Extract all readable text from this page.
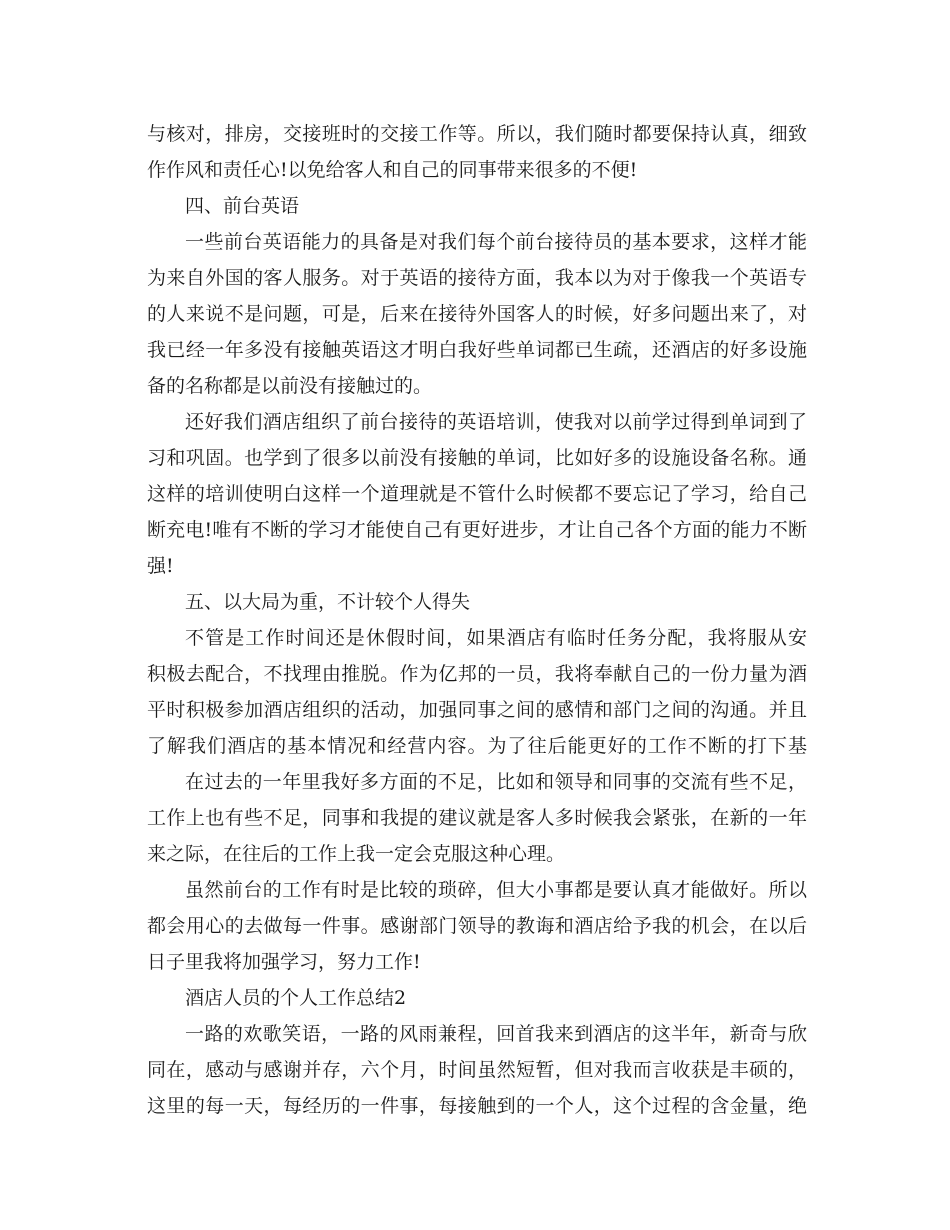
与核对，排房，交接班时的交接工作等。所以，我们随时都要保持认真，细致

作作风和责任心!以免给客人和自己的同事带来很多的不便!

四、前台英语

一些前台英语能力的具备是对我们每个前台接待员的基本要求，这样才能

为来自外国的客人服务。对于英语的接待方面，我本以为对于像我一个英语专

的人来说不是问题，可是，后来在接待外国客人的时候，好多问题出来了，对

我已经一年多没有接触英语这才明白我好些单词都已生疏，还酒店的好多设施

备的名称都是以前没有接触过的。

还好我们酒店组织了前台接待的英语培训，使我对以前学过得到单词到了

习和巩固。也学到了很多以前没有接触的单词，比如好多的设施设备名称。通

这样的培训使明白这样一个道理就是不管什么时候都不要忘记了学习，给自己

断充电!唯有不断的学习才能使自己有更好进步，才让自己各个方面的能力不断

强!

五、以大局为重，不计较个人得失

不管是工作时间还是休假时间，如果酒店有临时任务分配，我将服从安

积极去配合，不找理由推脱。作为亿邦的一员，我将奉献自己的一份力量为酒

平时积极参加酒店组织的活动，加强同事之间的感情和部门之间的沟通。并且

了解我们酒店的基本情况和经营内容。为了往后能更好的工作不断的打下基

在过去的一年里我好多方面的不足，比如和领导和同事的交流有些不足，

工作上也有些不足，同事和我提的建议就是客人多时候我会紧张，在新的一年

来之际，在往后的工作上我一定会克服这种心理。

虽然前台的工作有时是比较的琐碎，但大小事都是要认真才能做好。所以

都会用心的去做每一件事。感谢部门领导的教诲和酒店给予我的机会，在以后

日子里我将加强学习，努力工作!

酒店人员的个人工作总结2

一路的欢歌笑语，一路的风雨兼程，回首我来到酒店的这半年，新奇与欣

同在，感动与感谢并存，六个月，时间虽然短暂，但对我而言收获是丰硕的，

这里的每一天，每经历的一件事，每接触到的一个人，这个过程的含金量，绝
